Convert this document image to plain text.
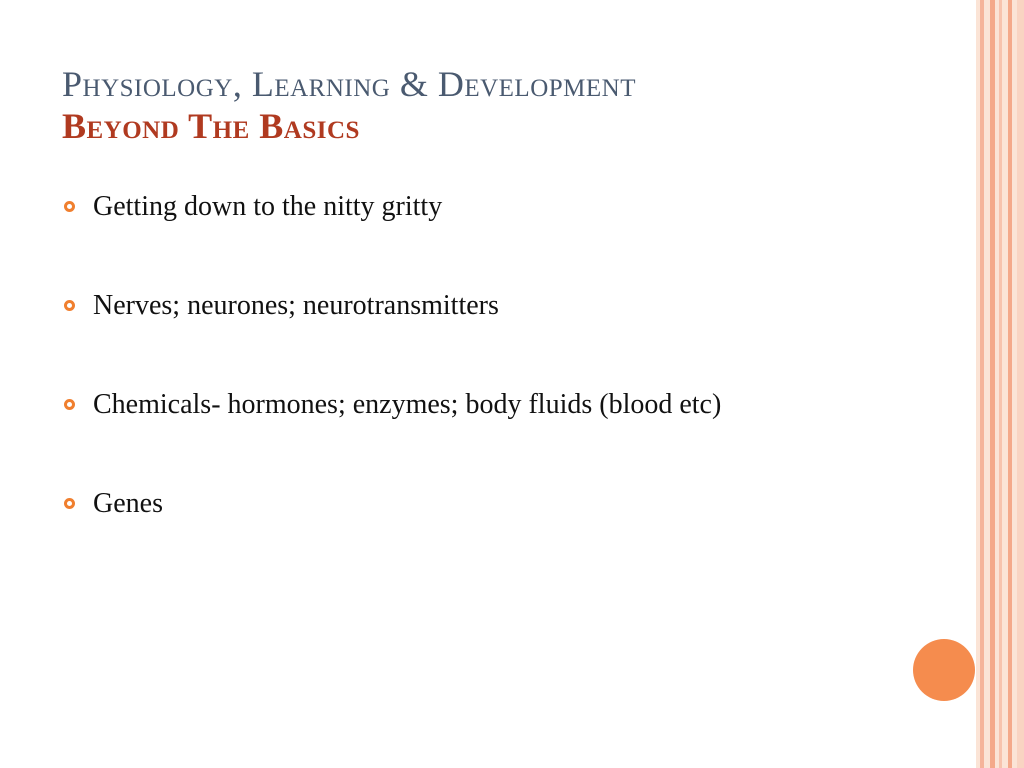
Physiology, Learning & Development
Beyond The Basics
Getting down to the nitty gritty
Nerves; neurones; neurotransmitters
Chemicals- hormones; enzymes; body fluids (blood etc)
Genes
